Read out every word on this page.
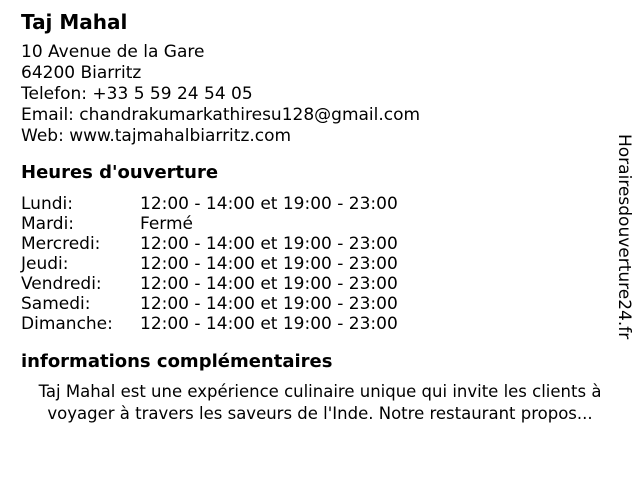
Taj Mahal
10 Avenue de la Gare
64200 Biarritz
Telefon: +33 5 59 24 54 05
Email: chandrakumarkathiresu128@gmail.com
Web: www.tajmahalbiarritz.com
Heures d'ouverture
Lundi:	12:00 - 14:00 et 19:00 - 23:00
Mardi:	Fermé
Mercredi:	12:00 - 14:00 et 19:00 - 23:00
Jeudi:	12:00 - 14:00 et 19:00 - 23:00
Vendredi:	12:00 - 14:00 et 19:00 - 23:00
Samedi:	12:00 - 14:00 et 19:00 - 23:00
Dimanche:	12:00 - 14:00 et 19:00 - 23:00
informations complémentaires
Taj Mahal est une expérience culinaire unique qui invite les clients à
voyager à travers les saveurs de l'Inde. Notre restaurant propos...
Horairesdouverture24.fr
